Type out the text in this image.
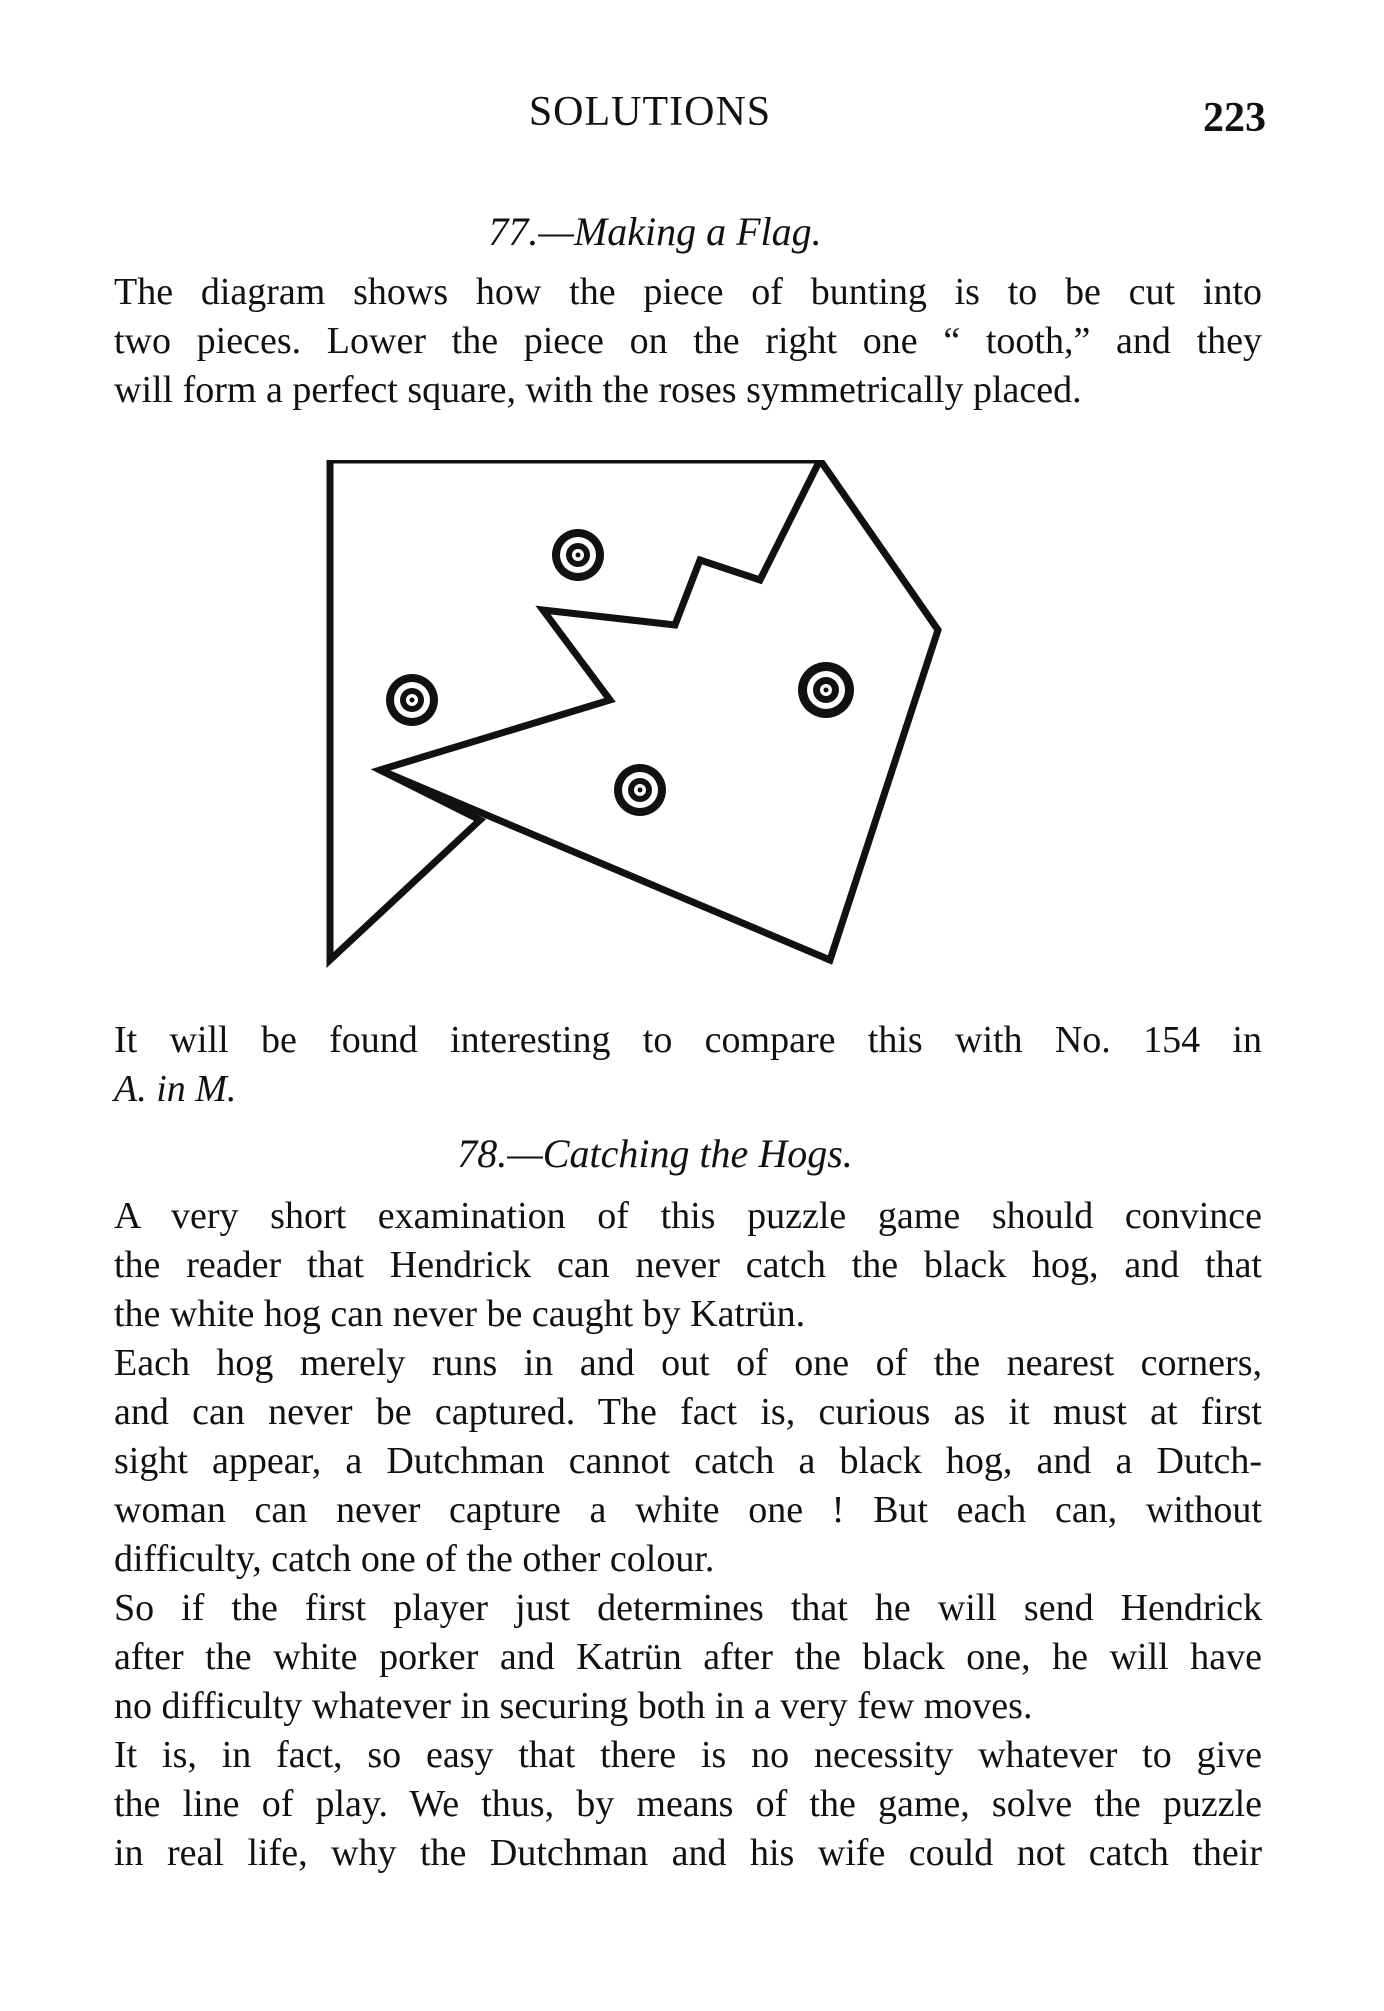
SOLUTIONS	223
77.—Making a Flag.

The diagram shows how the piece of bunting is to be cut into
two pieces. Lower the piece on the right one “ tooth,” and they
will form a perfect square, with the roses symmetrically placed.

It will be found interesting to compare this with No. 154 in
A. in M.

78.—Catching the Hogs.

A very short examination of this puzzle game should convince
the reader that Hendrick can never catch the black hog, and that
the white hog can never be caught by Katrün.

Each hog merely runs in and out of one of the nearest corners,
and can never be captured. The fact is, curious as it must at first
sight appear, a Dutchman cannot catch a black hog, and a Dutch-
woman can never capture a white one ! But each can, without
difficulty, catch one of the other colour.

So if the first player just determines that he will send Hendrick
after the white porker and Katrün after the black one, he will have
no difficulty whatever in securing both in a very few moves.

It is, in fact, so easy that there is no necessity whatever to give
the line of play. We thus, by means of the game, solve the puzzle
in real life, why the Dutchman and his wife could not catch their
